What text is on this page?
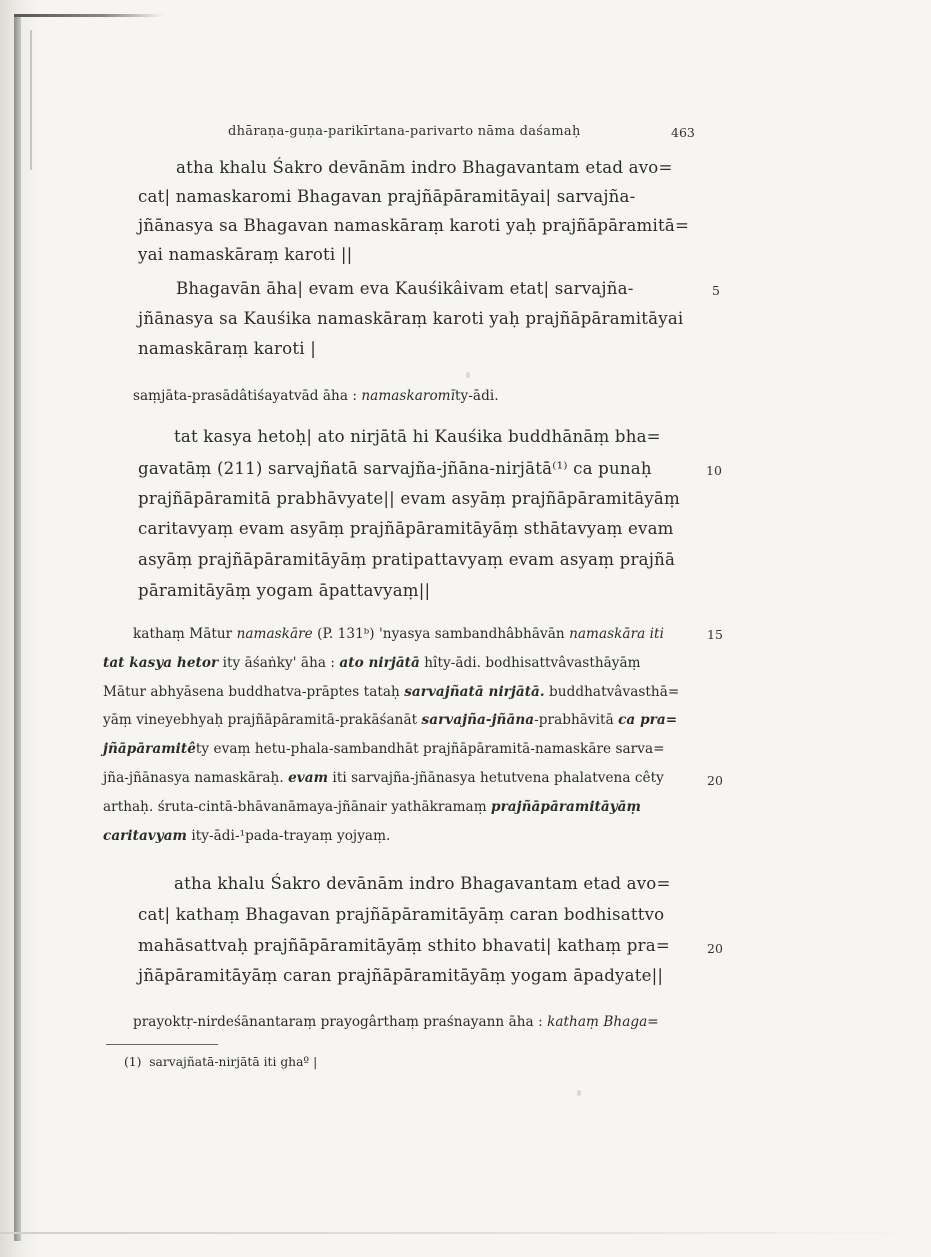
dhāraṇa-guṇa-parikīrtana-parivarto nāma daśamaḥ	463
atha khalu Śakro devānām indro Bhagavantam etad avo=
cat| namaskaromi Bhagavan prajñāpāramitāyai| sarvajña-
jñānasya sa Bhagavan namaskāraṃ karoti yaḥ prajñāpāramitā=
yai namaskāraṃ karoti ||
Bhagavān āha| evam eva Kauśikâivam etat| sarvajña-	5
jñānasya sa Kauśika namaskāraṃ karoti yaḥ prajñāpāramitāyai
namaskāraṃ karoti |
saṃjāta-prasādâtiśayatvād āha : namaskaromīty-ādi.
tat kasya hetoḥ| ato nirjātā hi Kauśika buddhānāṃ bha=
gavatāṃ (211) sarvajñatā sarvajña-jñāna-nirjātā⁽¹⁾ ca punaḥ	10
prajñāpāramitā prabhāvyate|| evam asyāṃ prajñāpāramitāyāṃ
caritavyaṃ evam asyāṃ prajñāpāramitāyāṃ sthātavyaṃ evam
asyāṃ prajñāpāramitāyāṃ pratipattavyaṃ evam asyaṃ prajñā
pāramitāyāṃ yogam āpattavyaṃ||
kathaṃ Mātur namaskāre (P. 131ᵇ) 'nyasya sambandhâbhāvān namaskāra iti	15
tat kasya hetor ity āśaṅky' āha : ato nirjātā hîty-ādi. bodhisattvâvasthāyāṃ
Mātur abhyāsena buddhatva-prāptes tataḥ sarvajñatā nirjātā. buddhatvâvasthā=
yāṃ vineyebhyaḥ prajñāpāramitā-prakāśanāt sarvajña-jñāna-prabhāvitā ca pra=
jñāpāramitêty evaṃ hetu-phala-sambandhāt prajñāpāramitā-namaskāre sarva=
jña-jñānasya namaskāraḥ. evam iti sarvajña-jñānasya hetutvena phalatvena cêty	20
arthaḥ. śruta-cintā-bhāvanāmaya-jñānair yathākramaṃ prajñāpāramitāyāṃ
caritavyam ity-ādi-¹pada-trayaṃ yojyaṃ.
atha khalu Śakro devānām indro Bhagavantam etad avo=
cat| kathaṃ Bhagavan prajñāpāramitāyāṃ caran bodhisattvo
mahāsattvaḥ prajñāpāramitāyāṃ sthito bhavati| kathaṃ pra=	20
jñāpāramitāyāṃ caran prajñāpāramitāyāṃ yogam āpadyate||
prayoktṛ-nirdeśānantaraṃ prayogârthaṃ praśnayann āha : kathaṃ Bhaga=
(1) sarvajñatā-nirjātā iti ghaº |
